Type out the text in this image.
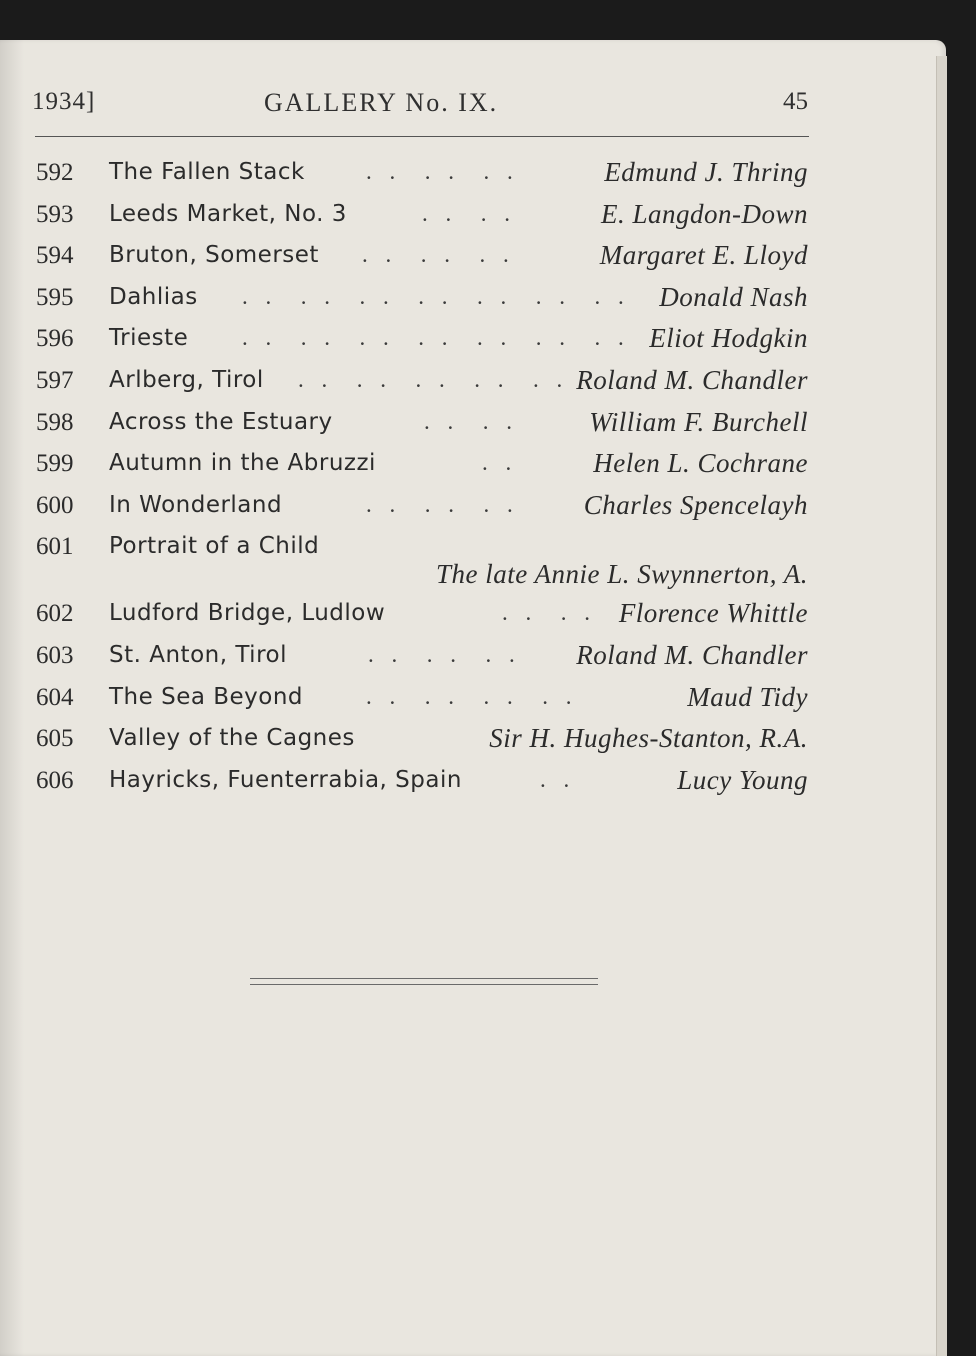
1934]	GALLERY No. IX.	45
592 The Fallen Stack	. .  . .  . .	Edmund J. Thring
593 Leeds Market, No. 3	. .  . .	E. Langdon-Down
594 Bruton, Somerset . .  . .  . .	Margaret E. Lloyd
595 Dahlias . .  . .  . .  . .  . .  . .  . . Donald Nash
596 Trieste . .  . .  . .  . .  . .  . .  . . Eliot Hodgkin
597 Arlberg, Tirol . .  . .  . .  . .  . . Roland M. Chandler
598 Across the Estuary	. .  . .	William F. Burchell
599 Autumn in the Abruzzi	. .	Helen L. Cochrane
600 In Wonderland	. .  . .  . . Charles Spencelayh
601 Portrait of a Child
The late Annie L. Swynnerton, A.
602 Ludford Bridge, Ludlow	. .  . . Florence Whittle
603 St. Anton, Tirol	. .  . .  . . Roland M. Chandler
604 The Sea Beyond	. .  . .  . .  . .	Maud Tidy
605 Valley of the Cagnes	Sir H. Hughes-Stanton, R.A.
606 Hayricks, Fuenterrabia, Spain	. .	Lucy Young
